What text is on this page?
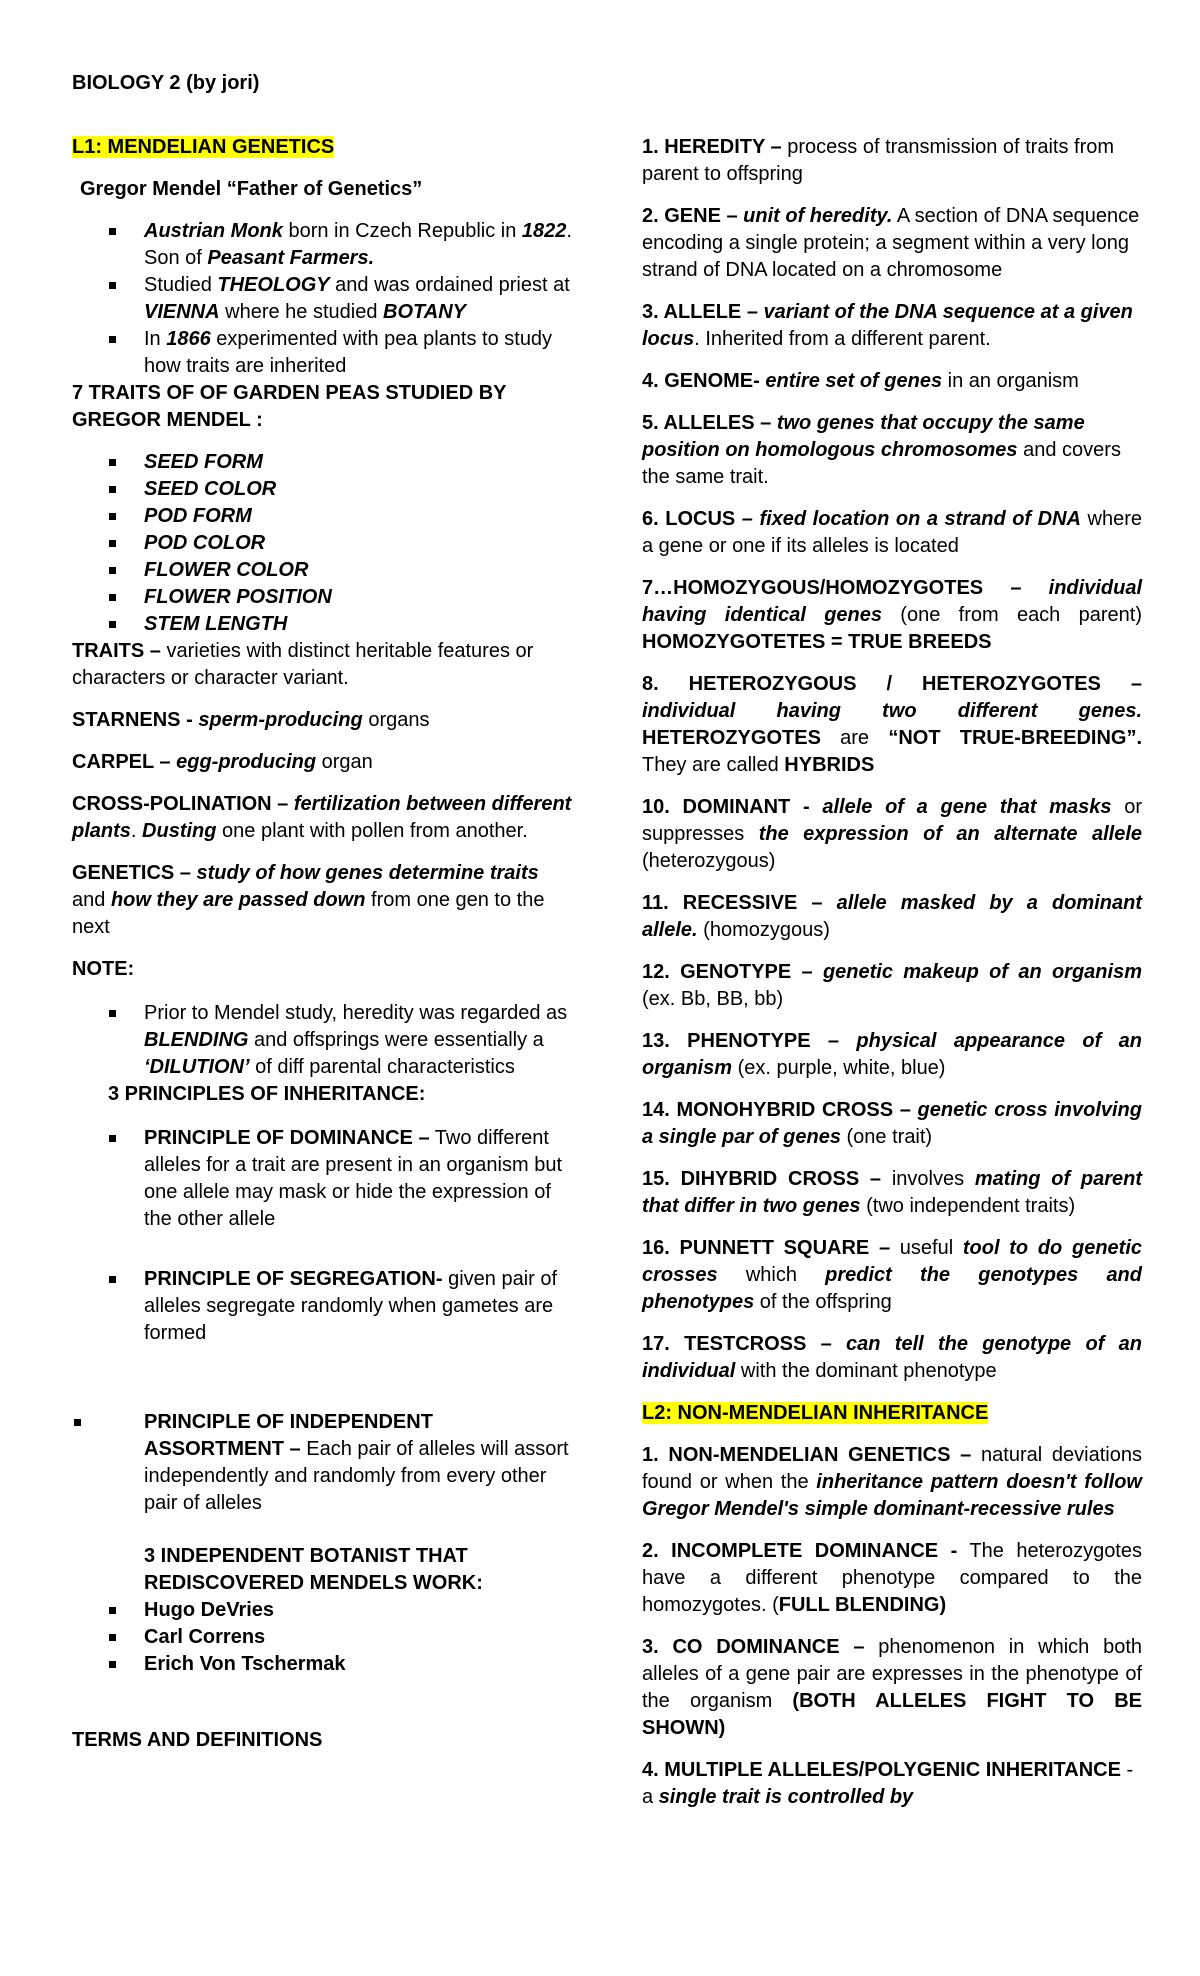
BIOLOGY 2 (by jori)

L1: MENDELIAN GENETICS

Gregor Mendel “Father of Genetics”

Austrian Monk born in Czech Republic in 1822. Son of Peasant Farmers.
Studied THEOLOGY and was ordained priest at VIENNA where he studied BOTANY
In 1866 experimented with pea plants to study how traits are inherited

7 TRAITS OF OF GARDEN PEAS STUDIED BY GREGOR MENDEL :

SEED FORM
SEED COLOR
POD FORM
POD COLOR
FLOWER COLOR
FLOWER POSITION
STEM LENGTH

TRAITS – varieties with distinct heritable features or characters or character variant.

STARNENS - sperm-producing organs

CARPEL – egg-producing organ

CROSS-POLINATION – fertilization between different plants. Dusting one plant with pollen from another.

GENETICS – study of how genes determine traits and how they are passed down from one gen to the next

NOTE:

Prior to Mendel study, heredity was regarded as BLENDING and offsprings were essentially a ‘DILUTION’ of diff parental characteristics

3 PRINCIPLES OF INHERITANCE:

PRINCIPLE OF DOMINANCE – Two different alleles for a trait are present in an organism but one allele may mask or hide the expression of the other allele
PRINCIPLE OF SEGREGATION- given pair of alleles segregate randomly when gametes are formed
PRINCIPLE OF INDEPENDENT ASSORTMENT – Each pair of alleles will assort independently and randomly from every other pair of alleles

3 INDEPENDENT BOTANIST THAT REDISCOVERED MENDELS WORK:

Hugo DeVries
Carl Correns
Erich Von Tschermak

TERMS AND DEFINITIONS

1. HEREDITY – process of transmission of traits from parent to offspring

2. GENE – unit of heredity. A section of DNA sequence encoding a single protein; a segment within a very long strand of DNA located on a chromosome

3. ALLELE – variant of the DNA sequence at a given locus. Inherited from a different parent.

4. GENOME- entire set of genes in an organism

5. ALLELES – two genes that occupy the same position on homologous chromosomes and covers the same trait.

6. LOCUS – fixed location on a strand of DNA where a gene or one if its alleles is located

7…HOMOZYGOUS/HOMOZYGOTES – individual having identical genes (one from each parent) HOMOZYGOTETES = TRUE BREEDS

8. HETEROZYGOUS / HETEROZYGOTES – individual having two different genes. HETEROZYGOTES are “NOT TRUE-BREEDING”. They are called HYBRIDS

10. DOMINANT - allele of a gene that masks or suppresses the expression of an alternate allele (heterozygous)

11. RECESSIVE – allele masked by a dominant allele. (homozygous)

12. GENOTYPE – genetic makeup of an organism (ex. Bb, BB, bb)

13. PHENOTYPE – physical appearance of an organism (ex. purple, white, blue)

14. MONOHYBRID CROSS – genetic cross involving a single par of genes (one trait)

15. DIHYBRID CROSS – involves mating of parent that differ in two genes (two independent traits)

16. PUNNETT SQUARE – useful tool to do genetic crosses which predict the genotypes and phenotypes of the offspring

17. TESTCROSS – can tell the genotype of an individual with the dominant phenotype

L2: NON-MENDELIAN INHERITANCE

1. NON-MENDELIAN GENETICS – natural deviations found or when the inheritance pattern doesn't follow Gregor Mendel's simple dominant-recessive rules

2. INCOMPLETE DOMINANCE - The heterozygotes have a different phenotype compared to the homozygotes. (FULL BLENDING)

3. CO DOMINANCE – phenomenon in which both alleles of a gene pair are expresses in the phenotype of the organism (BOTH ALLELES FIGHT TO BE SHOWN)

4. MULTIPLE ALLELES/POLYGENIC INHERITANCE - a single trait is controlled by
